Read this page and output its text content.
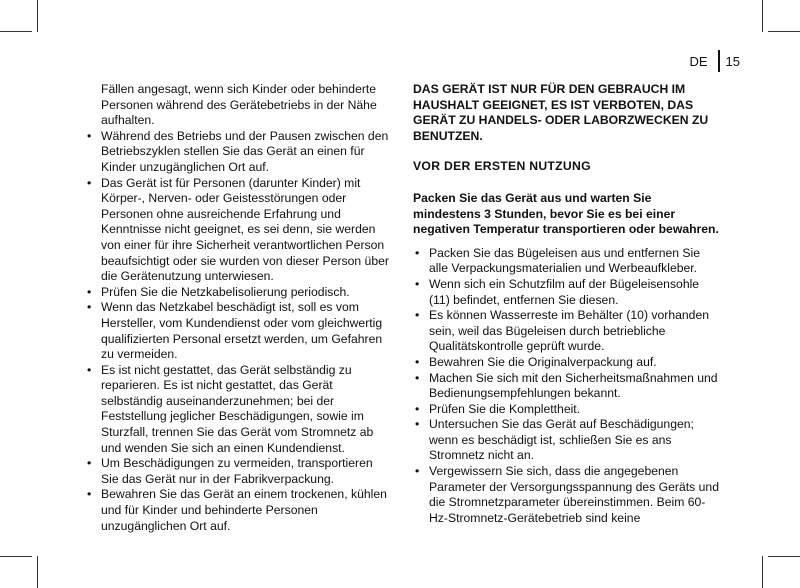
DE 15

Fällen angesagt, wenn sich Kinder oder behinderte Personen während des Gerätebetriebs in der Nähe aufhalten.

• Während des Betriebs und der Pausen zwischen den Betriebszyklen stellen Sie das Gerät an einen für Kinder unzugänglichen Ort auf.
• Das Gerät ist für Personen (darunter Kinder) mit Körper-, Nerven- oder Geistesstörungen oder Personen ohne ausreichende Erfahrung und Kenntnisse nicht geeignet, es sei denn, sie werden von einer für ihre Sicherheit verantwortlichen Person beaufsichtigt oder sie wurden von dieser Person über die Gerätenutzung unterwiesen.
• Prüfen Sie die Netzkabelisolierung periodisch.
• Wenn das Netzkabel beschädigt ist, soll es vom Hersteller, vom Kundendienst oder vom gleichwertig qualifizierten Personal ersetzt werden, um Gefahren zu vermeiden.
• Es ist nicht gestattet, das Gerät selbständig zu reparieren. Es ist nicht gestattet, das Gerät selbständig auseinanderzunehmen; bei der Feststellung jeglicher Beschädigungen, sowie im Sturzfall, trennen Sie das Gerät vom Stromnetz ab und wenden Sie sich an einen Kundendienst.
• Um Beschädigungen zu vermeiden, transportieren Sie das Gerät nur in der Fabrikverpackung.
• Bewahren Sie das Gerät an einem trockenen, kühlen und für Kinder und behinderte Personen unzugänglichen Ort auf.

DAS GERÄT IST NUR FÜR DEN GEBRAUCH IM HAUSHALT GEEIGNET, ES IST VERBOTEN, DAS GERÄT ZU HANDELS- ODER LABORZWECKEN ZU BENUTZEN.

VOR DER ERSTEN NUTZUNG

Packen Sie das Gerät aus und warten Sie mindestens 3 Stunden, bevor Sie es bei einer negativen Temperatur transportieren oder bewahren.

• Packen Sie das Bügeleisen aus und entfernen Sie alle Verpackungsmaterialien und Werbeaufkleber.
• Wenn sich ein Schutzfilm auf der Bügeleisensohle (11) befindet, entfernen Sie diesen.
• Es können Wasserreste im Behälter (10) vorhanden sein, weil das Bügeleisen durch betriebliche Qualitätskontrolle geprüft wurde.
• Bewahren Sie die Originalverpackung auf.
• Machen Sie sich mit den Sicherheitsmaßnahmen und Bedienungsempfehlungen bekannt.
• Prüfen Sie die Komplettheit.
• Untersuchen Sie das Gerät auf Beschädigungen; wenn es beschädigt ist, schließen Sie es ans Stromnetz nicht an.
• Vergewissern Sie sich, dass die angegebenen Parameter der Versorgungsspannung des Geräts und die Stromnetzparameter übereinstimmen. Beim 60-Hz-Stromnetz-Gerätebetrieb sind keine
